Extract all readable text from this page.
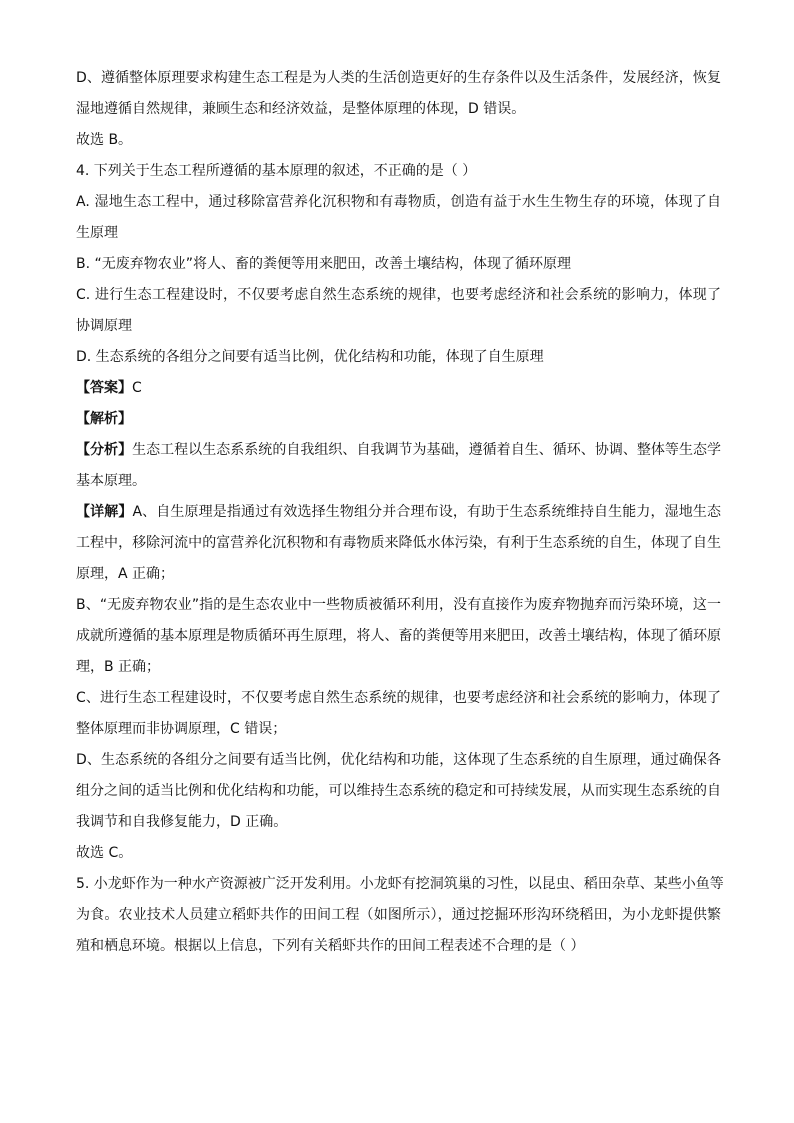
D、遵循整体原理要求构建生态工程是为人类的生活创造更好的生存条件以及生活条件，发展经济，恢复
湿地遵循自然规律，兼顾生态和经济效益，是整体原理的体现，D 错误。
故选 B。
4. 下列关于生态工程所遵循的基本原理的叙述，不正确的是（ ）
A. 湿地生态工程中，通过移除富营养化沉积物和有毒物质，创造有益于水生生物生存的环境，体现了自
生原理
B. “无废弃物农业”将人、畜的粪便等用来肥田，改善土壤结构，体现了循环原理
C. 进行生态工程建设时，不仅要考虑自然生态系统的规律，也要考虑经济和社会系统的影响力，体现了
协调原理
D. 生态系统的各组分之间要有适当比例，优化结构和功能，体现了自生原理
【答案】C
【解析】
【分析】生态工程以生态系系统的自我组织、自我调节为基础，遵循着自生、循环、协调、整体等生态学
基本原理。
【详解】A、自生原理是指通过有效选择生物组分并合理布设，有助于生态系统维持自生能力，湿地生态
工程中，移除河流中的富营养化沉积物和有毒物质来降低水体污染，有利于生态系统的自生，体现了自生
原理，A 正确；
B、“无废弃物农业”指的是生态农业中一些物质被循环利用，没有直接作为废弃物抛弃而污染环境，这一
成就所遵循的基本原理是物质循环再生原理，将人、畜的粪便等用来肥田，改善土壤结构，体现了循环原
理，B 正确；
C、进行生态工程建设时，不仅要考虑自然生态系统的规律，也要考虑经济和社会系统的影响力，体现了
整体原理而非协调原理，C 错误；
D、生态系统的各组分之间要有适当比例，优化结构和功能，这体现了生态系统的自生原理，通过确保各
组分之间的适当比例和优化结构和功能，可以维持生态系统的稳定和可持续发展，从而实现生态系统的自
我调节和自我修复能力，D 正确。
故选 C。
5. 小龙虾作为一种水产资源被广泛开发利用。小龙虾有挖洞筑巢的习性，以昆虫、稻田杂草、某些小鱼等
为食。农业技术人员建立稻虾共作的田间工程（如图所示），通过挖掘环形沟环绕稻田，为小龙虾提供繁
殖和栖息环境。根据以上信息，下列有关稻虾共作的田间工程表述不合理的是（ ）
